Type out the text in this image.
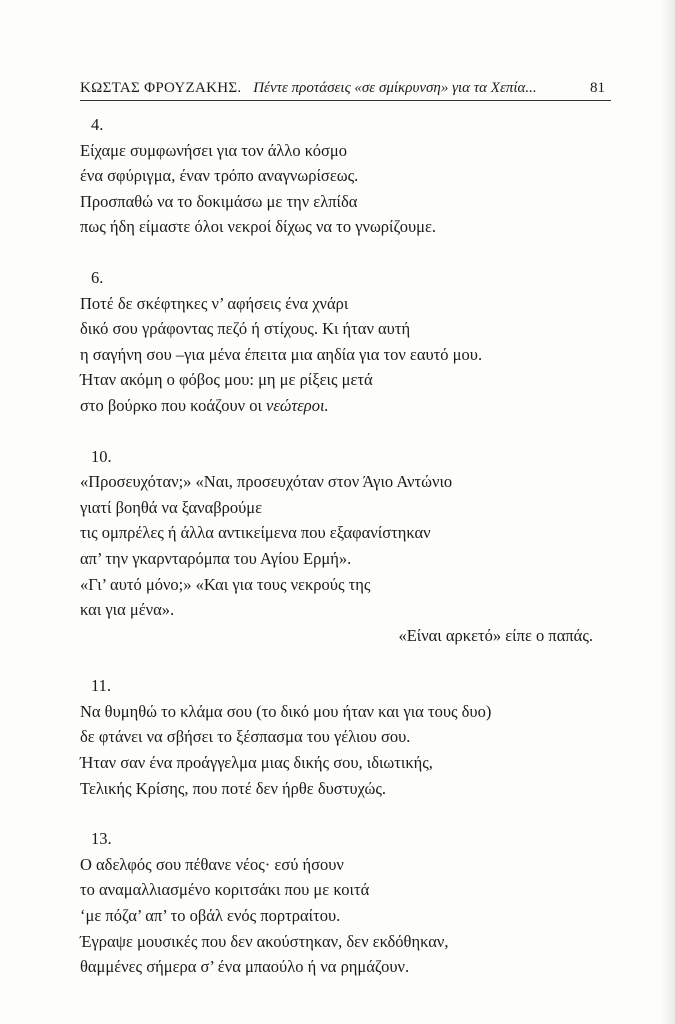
ΚΩΣΤΑΣ ΦΡΟΥΖΑΚΗΣ. Πέντε προτάσεις «σε σμίκρυνση» για τα Χεπία...	81
4.
Είχαμε συμφωνήσει για τον άλλο κόσμο
ένα σφύριγμα, έναν τρόπο αναγνωρίσεως.
Προσπαθώ να το δοκιμάσω με την ελπίδα
πως ήδη είμαστε όλοι νεκροί δίχως να το γνωρίζουμε.
6.
Ποτέ δε σκέφτηκες ν’ αφήσεις ένα χνάρι
δικό σου γράφοντας πεζό ή στίχους. Κι ήταν αυτή
η σαγήνη σου –για μένα έπειτα μια αηδία για τον εαυτό μου.
Ήταν ακόμη ο φόβος μου: μη με ρίξεις μετά
στο βούρκο που κοάζουν οι νεώτεροι.
10.
«Προσευχόταν;» «Ναι, προσευχόταν στον Άγιο Αντώνιο
γιατί βοηθά να ξαναβρούμε
τις ομπρέλες ή άλλα αντικείμενα που εξαφανίστηκαν
απ’ την γκαρνταρόμπα του Αγίου Ερμή».
«Γι’ αυτό μόνο;» «Και για τους νεκρούς της
και για μένα».
«Είναι αρκετό» είπε ο παπάς.
11.
Να θυμηθώ το κλάμα σου (το δικό μου ήταν και για τους δυο)
δε φτάνει να σβήσει το ξέσπασμα του γέλιου σου.
Ήταν σαν ένα προάγγελμα μιας δικής σου, ιδιωτικής,
Τελικής Κρίσης, που ποτέ δεν ήρθε δυστυχώς.
13.
Ο αδελφός σου πέθανε νέος· εσύ ήσουν
το αναμαλλιασμένο κοριτσάκι που με κοιτά
‘με πόζα’ απ’ το οβάλ ενός πορτραίτου.
Έγραψε μουσικές που δεν ακούστηκαν, δεν εκδόθηκαν,
θαμμένες σήμερα σ’ ένα μπαούλο ή να ρημάζουν.
